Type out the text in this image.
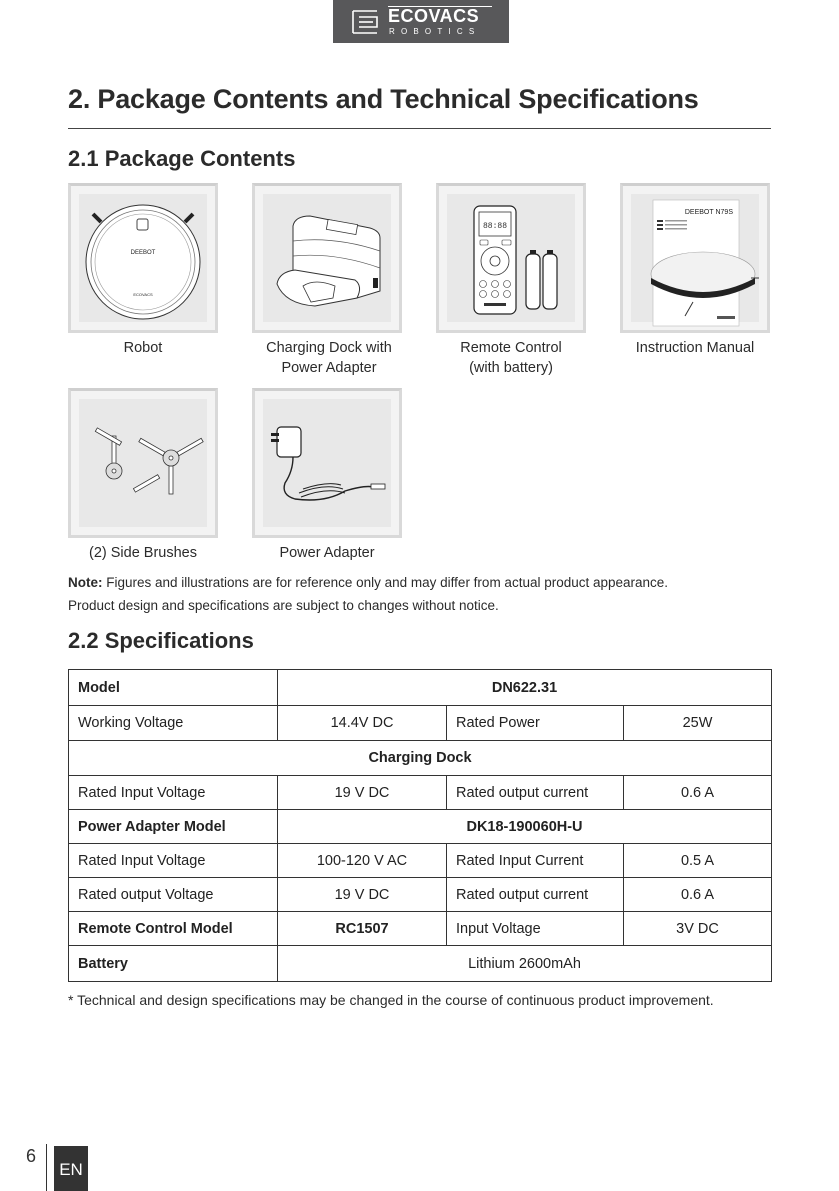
ECOVACS
ROBOTICS
2. Package Contents and Technical Specifications
2.1 Package Contents
DEEBOT
ECOVACS
Robot	Charging Dock with
Power Adapter
88:88
Remote Control
(with battery)
DEEBOT N79S
Instruction Manual
(2) Side Brushes	Power Adapter
Note: Figures and illustrations are for reference only and may differ from actual product appearance.
Product design and specifications are subject to changes without notice.
2.2 Specifications
Model	DN622.31		
Working Voltage	14.4V DC	Rated Power	25W
Charging Dock			
Rated Input Voltage	19 V DC	Rated output current	0.6 A
Power Adapter Model	DK18-190060H-U		
Rated Input Voltage	100-120 V AC	Rated Input Current	0.5 A
Rated output Voltage	19 V DC	Rated output current	0.6 A
Remote Control Model	RC1507	Input Voltage	3V DC
Battery	Lithium 2600mAh		
* Technical and design specifications may be changed in the course of continuous product improvement.
6
EN
